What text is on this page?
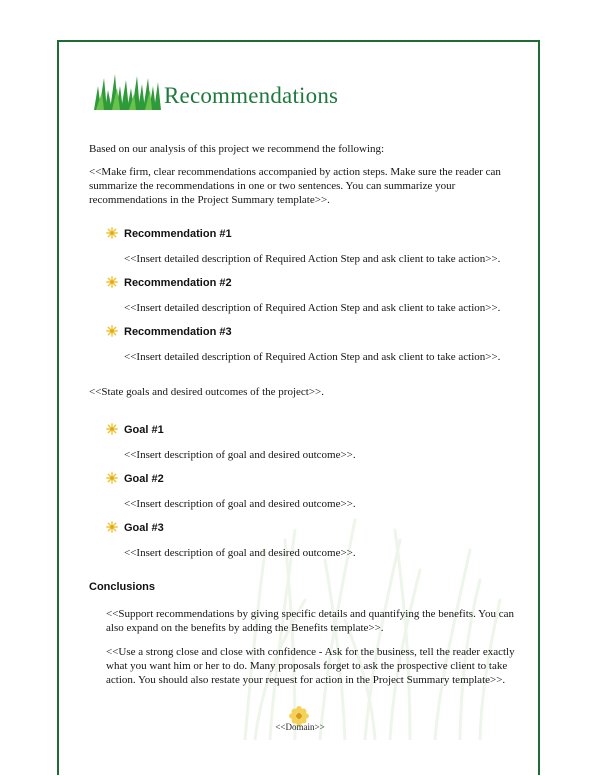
Recommendations

Based on our analysis of this project we recommend the following:

<<Make firm, clear recommendations accompanied by action steps. Make sure the reader can summarize the recommendations in one or two sentences. You can summarize your recommendations in the Project Summary template>>.

Recommendation #1
<<Insert detailed description of Required Action Step and ask client to take action>>.
Recommendation #2
<<Insert detailed description of Required Action Step and ask client to take action>>.
Recommendation #3
<<Insert detailed description of Required Action Step and ask client to take action>>.

<<State goals and desired outcomes of the project>>.

Goal #1
<<Insert description of goal and desired outcome>>.
Goal #2
<<Insert description of goal and desired outcome>>.
Goal #3
<<Insert description of goal and desired outcome>>.
Conclusions

<<Support recommendations by giving specific details and quantifying the benefits. You can also expand on the benefits by adding the Benefits template>>.

<<Use a strong close and close with confidence - Ask for the business, tell the reader exactly what you want him or her to do. Many proposals forget to ask the prospective client to take action. You should also restate your request for action in the Project Summary template>>.

<<Domain>>
